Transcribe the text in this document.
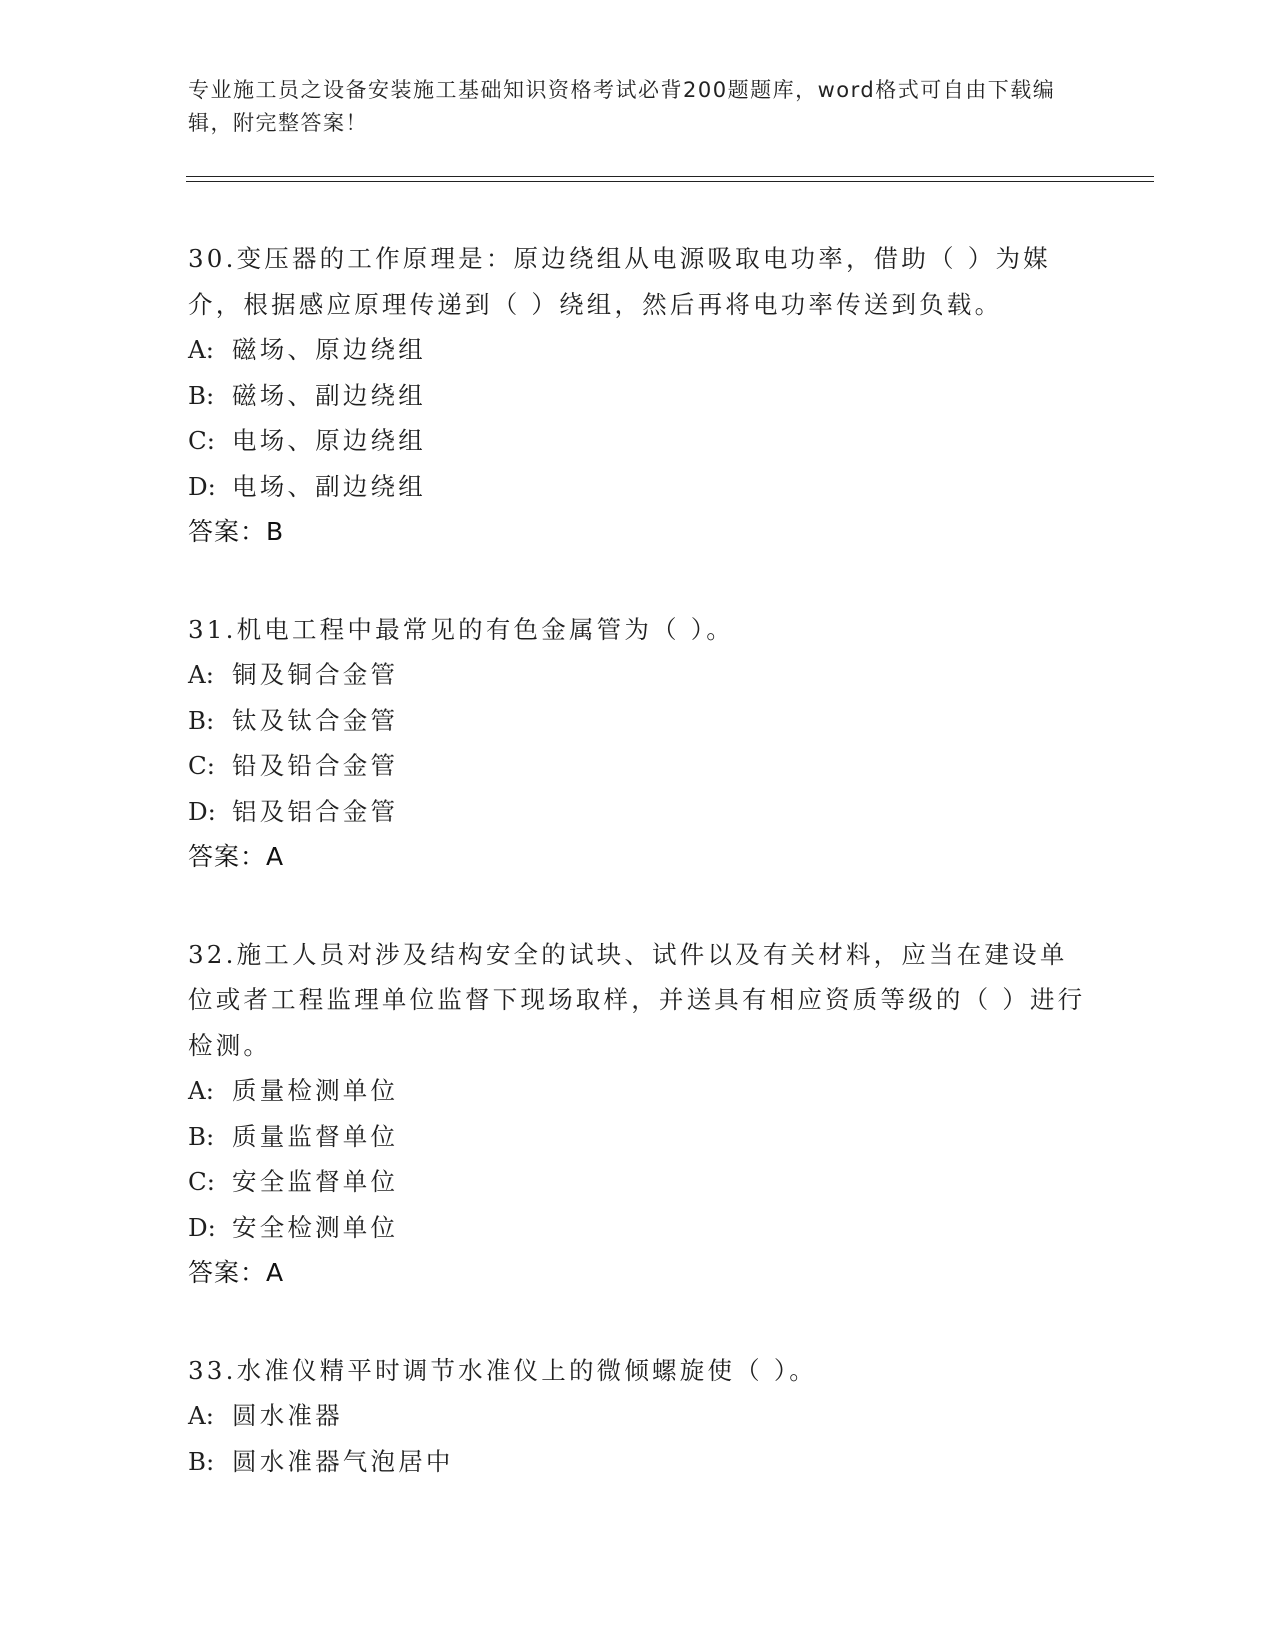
专业施工员之设备安装施工基础知识资格考试必背200题题库，word格式可自由下载编辑，附完整答案！

30.变压器的工作原理是：原边绕组从电源吸取电功率，借助（ ）为媒介，根据感应原理传递到（ ）绕组，然后再将电功率传送到负载。

A: 磁场、原边绕组

B: 磁场、副边绕组

C: 电场、原边绕组

D: 电场、副边绕组

答案：B

31.机电工程中最常见的有色金属管为（ ）。

A: 铜及铜合金管

B: 钛及钛合金管

C: 铅及铅合金管

D: 铝及铝合金管

答案：A

32.施工人员对涉及结构安全的试块、试件以及有关材料，应当在建设单位或者工程监理单位监督下现场取样，并送具有相应资质等级的（ ）进行检测。

A: 质量检测单位

B: 质量监督单位

C: 安全监督单位

D: 安全检测单位

答案：A

33.水准仪精平时调节水准仪上的微倾螺旋使（ ）。

A: 圆水准器

B: 圆水准器气泡居中
